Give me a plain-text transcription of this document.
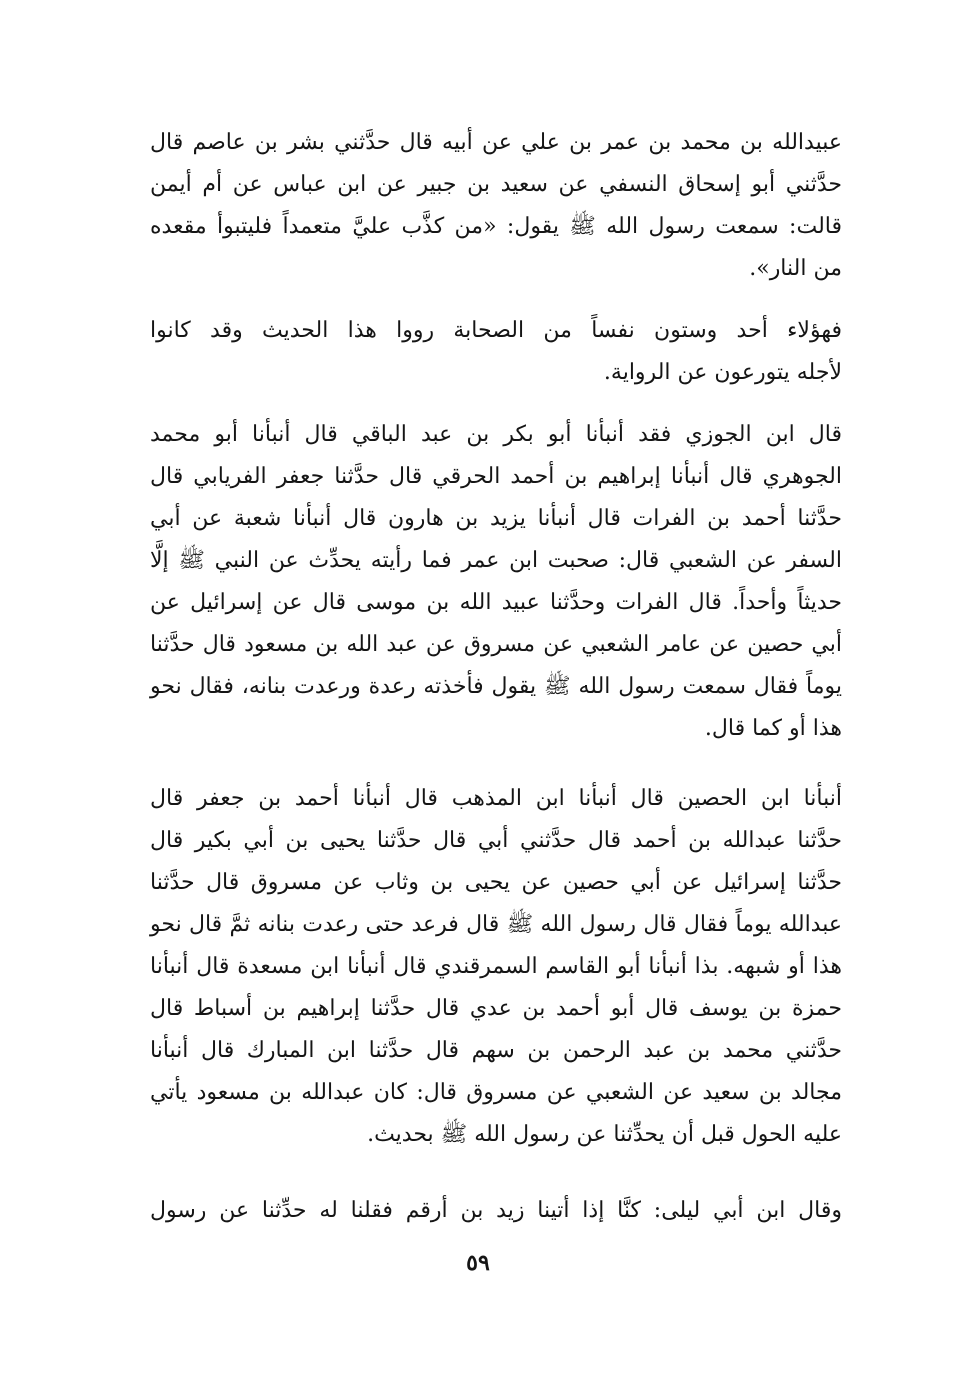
عبيدالله بن محمد بن عمر بن علي عن أبيه قال حدَّثني بشر بن عاصم قال
حدَّثني أبو إسحاق النسفي عن سعيد بن جبير عن ابن عباس عن أم أيمن
قالت: سمعت رسول الله ﷺ يقول: «من كذَّب عليَّ متعمداً فليتبوأ مقعده
من النار».
فهؤلاء أحد وستون نفساً من الصحابة رووا هذا الحديث وقد كانوا
لأجله يتورعون عن الرواية.
قال ابن الجوزي فقد أنبأنا أبو بكر بن عبد الباقي قال أنبأنا أبو محمد
الجوهري قال أنبأنا إبراهيم بن أحمد الحرقي قال حدَّثنا جعفر الفريابي قال
حدَّثنا أحمد بن الفرات قال أنبأنا يزيد بن هارون قال أنبأنا شعبة عن أبي
السفر عن الشعبي قال: صحبت ابن عمر فما رأيته يحدِّث عن النبي ﷺ إلَّا
حديثاً وأحداً. قال الفرات وحدَّثنا عبيد الله بن موسى قال عن إسرائيل عن
أبي حصين عن عامر الشعبي عن مسروق عن عبد الله بن مسعود قال حدَّثنا
يوماً فقال سمعت رسول الله ﷺ يقول فأخذته رعدة ورعدت بنانه، فقال نحو
هذا أو كما قال.
أنبأنا ابن الحصين قال أنبأنا ابن المذهب قال أنبأنا أحمد بن جعفر قال
حدَّثنا عبدالله بن أحمد قال حدَّثني أبي قال حدَّثنا يحيى بن أبي بكير قال
حدَّثنا إسرائيل عن أبي حصين عن يحيى بن وثاب عن مسروق قال حدَّثنا
عبدالله يوماً فقال قال رسول الله ﷺ قال فرعد حتى رعدت بنانه ثمَّ قال نحو
هذا أو شبهه. بذا أنبأنا أبو القاسم السمرقندي قال أنبأنا ابن مسعدة قال أنبأنا
حمزة بن يوسف قال أبو أحمد بن عدي قال حدَّثنا إبراهيم بن أسباط قال
حدَّثني محمد بن عبد الرحمن بن سهم قال حدَّثنا ابن المبارك قال أنبأنا
مجالد بن سعيد عن الشعبي عن مسروق قال: كان عبدالله بن مسعود يأتي
عليه الحول قبل أن يحدِّثنا عن رسول الله ﷺ بحديث.
وقال ابن أبي ليلى: كنَّا إذا أتينا زيد بن أرقم فقلنا له حدِّثنا عن رسول
٥٩
